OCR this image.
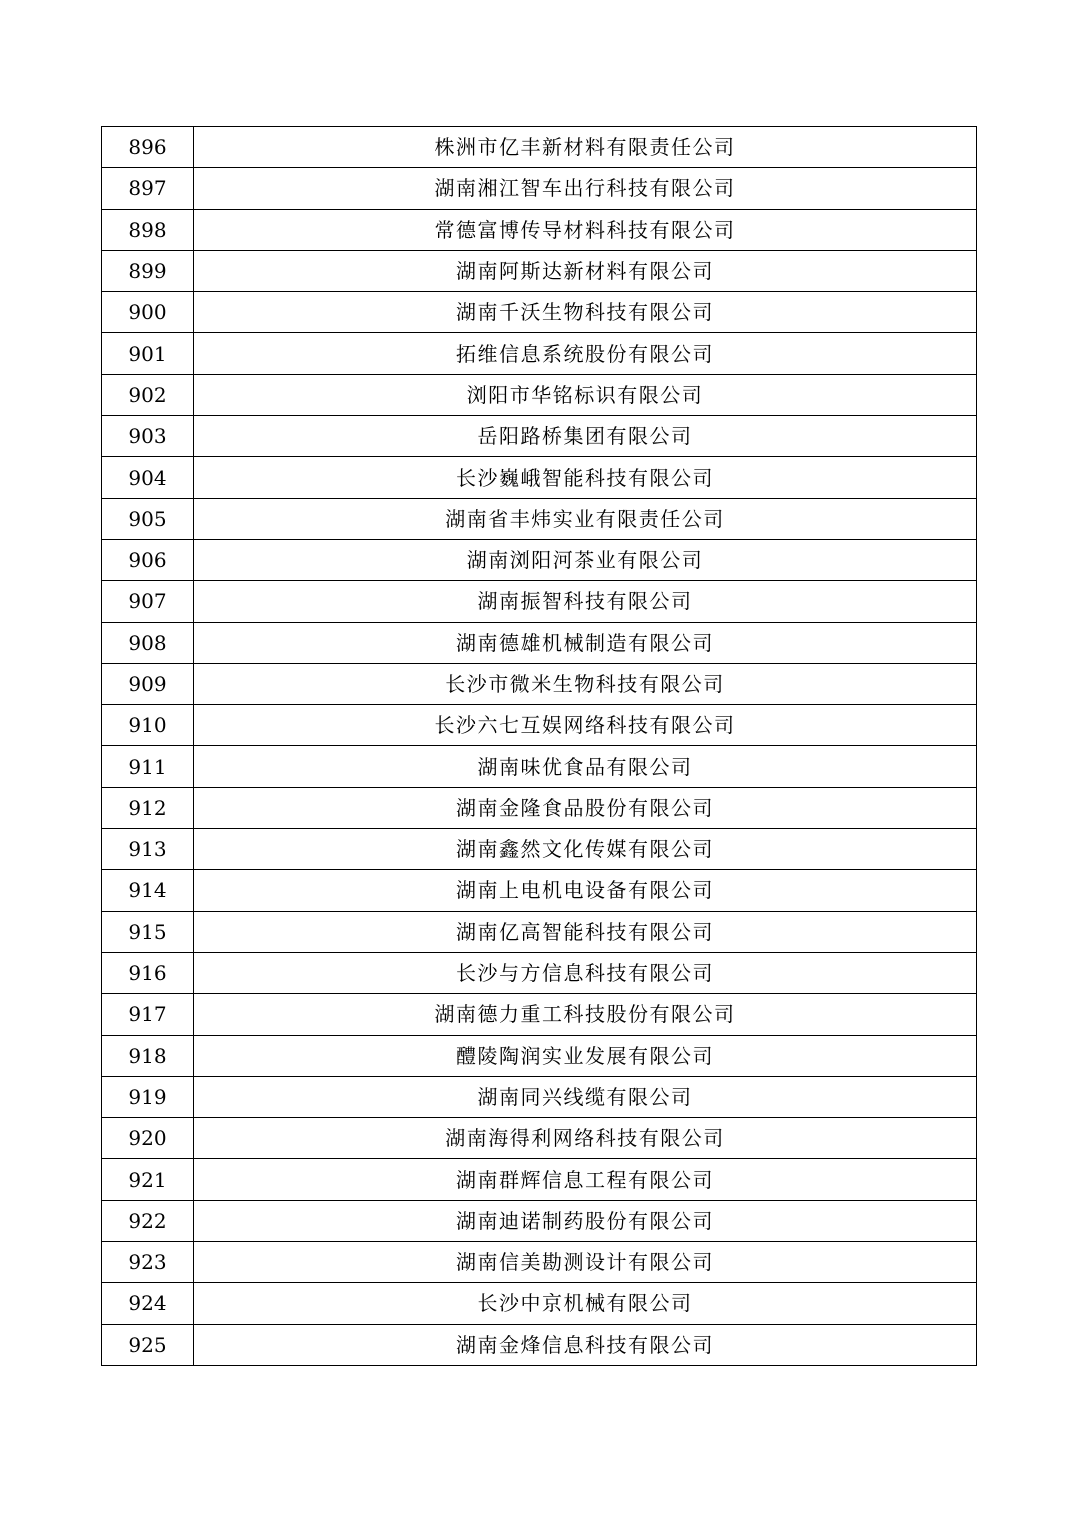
896	株洲市亿丰新材料有限责任公司
897	湖南湘江智车出行科技有限公司
898	常德富博传导材料科技有限公司
899	湖南阿斯达新材料有限公司
900	湖南千沃生物科技有限公司
901	拓维信息系统股份有限公司
902	浏阳市华铭标识有限公司
903	岳阳路桥集团有限公司
904	长沙巍峨智能科技有限公司
905	湖南省丰炜实业有限责任公司
906	湖南浏阳河茶业有限公司
907	湖南振智科技有限公司
908	湖南德雄机械制造有限公司
909	长沙市微米生物科技有限公司
910	长沙六七互娱网络科技有限公司
911	湖南味优食品有限公司
912	湖南金隆食品股份有限公司
913	湖南鑫然文化传媒有限公司
914	湖南上电机电设备有限公司
915	湖南亿高智能科技有限公司
916	长沙与方信息科技有限公司
917	湖南德力重工科技股份有限公司
918	醴陵陶润实业发展有限公司
919	湖南同兴线缆有限公司
920	湖南海得利网络科技有限公司
921	湖南群辉信息工程有限公司
922	湖南迪诺制药股份有限公司
923	湖南信美勘测设计有限公司
924	长沙中京机械有限公司
925	湖南金烽信息科技有限公司
